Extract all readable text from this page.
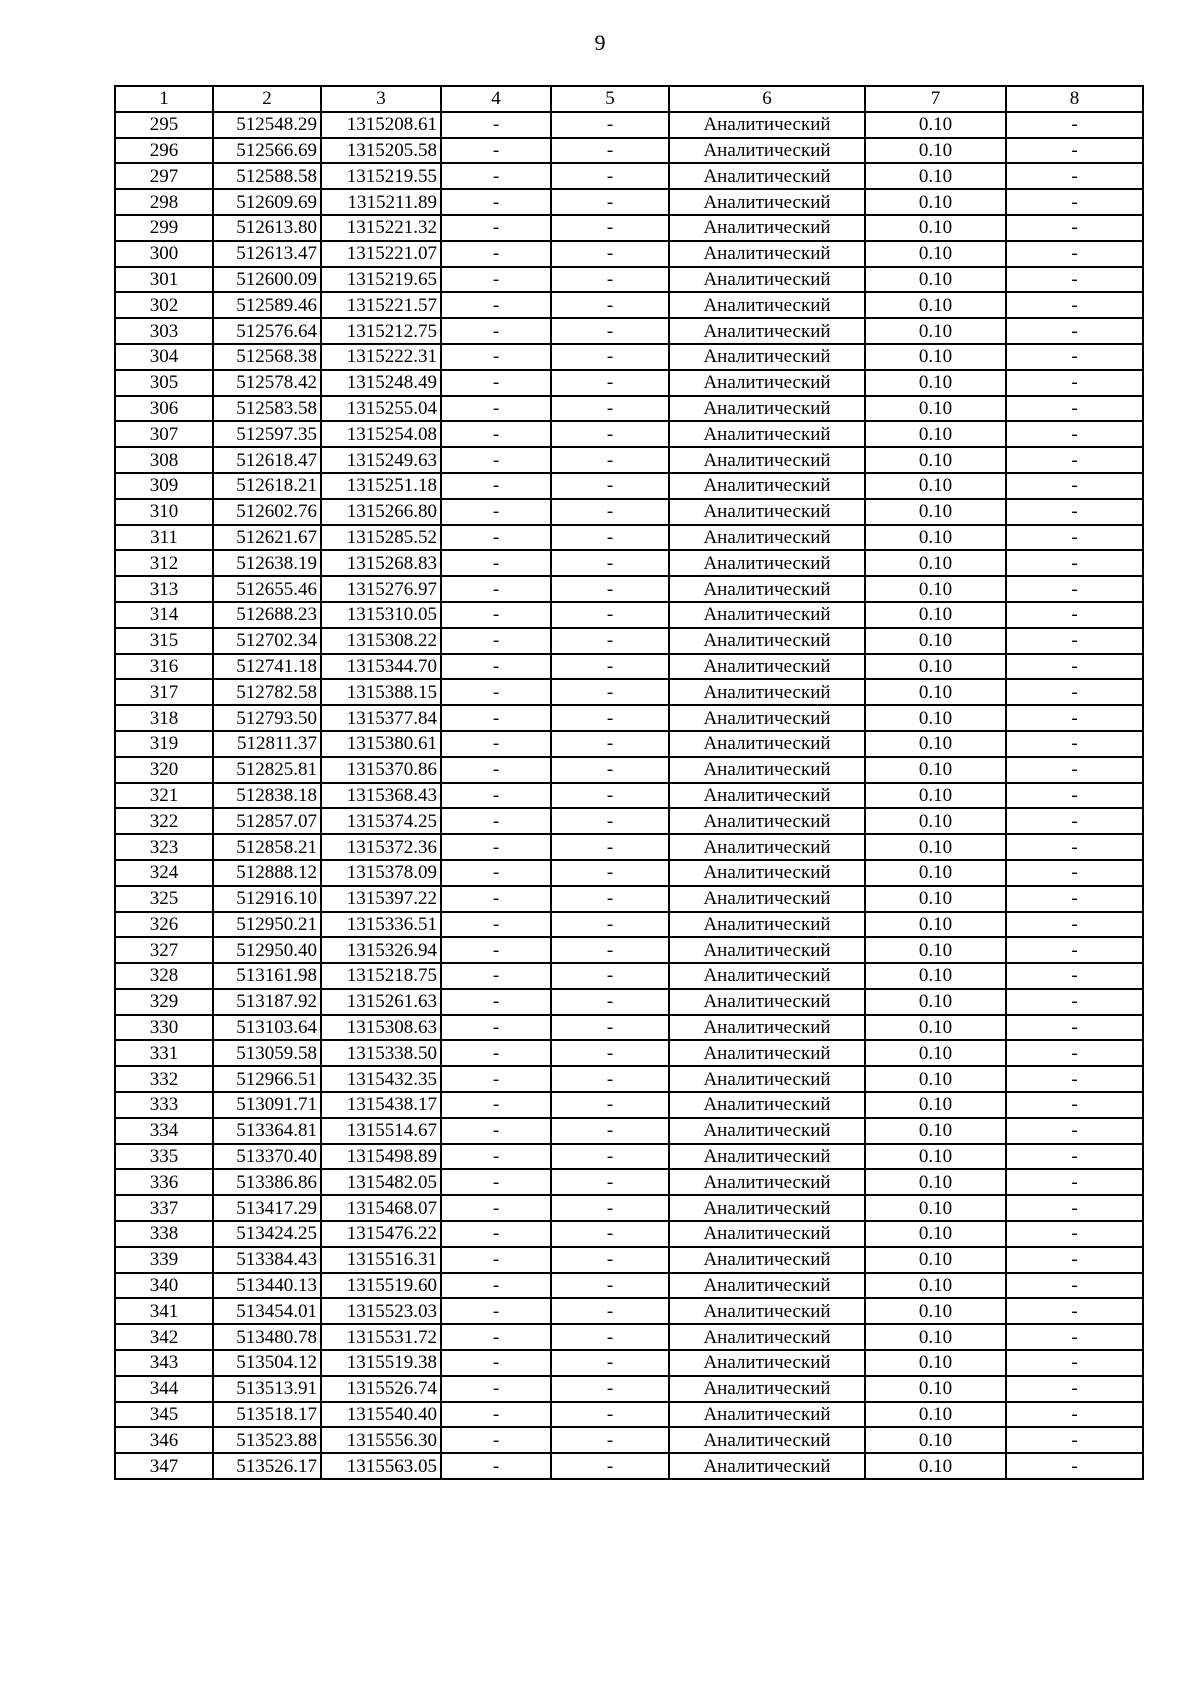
9
1	2	3	4	5	6	7	8
295	512548.29	1315208.61	-	-	Аналитический	0.10	-
296	512566.69	1315205.58	-	-	Аналитический	0.10	-
297	512588.58	1315219.55	-	-	Аналитический	0.10	-
298	512609.69	1315211.89	-	-	Аналитический	0.10	-
299	512613.80	1315221.32	-	-	Аналитический	0.10	-
300	512613.47	1315221.07	-	-	Аналитический	0.10	-
301	512600.09	1315219.65	-	-	Аналитический	0.10	-
302	512589.46	1315221.57	-	-	Аналитический	0.10	-
303	512576.64	1315212.75	-	-	Аналитический	0.10	-
304	512568.38	1315222.31	-	-	Аналитический	0.10	-
305	512578.42	1315248.49	-	-	Аналитический	0.10	-
306	512583.58	1315255.04	-	-	Аналитический	0.10	-
307	512597.35	1315254.08	-	-	Аналитический	0.10	-
308	512618.47	1315249.63	-	-	Аналитический	0.10	-
309	512618.21	1315251.18	-	-	Аналитический	0.10	-
310	512602.76	1315266.80	-	-	Аналитический	0.10	-
311	512621.67	1315285.52	-	-	Аналитический	0.10	-
312	512638.19	1315268.83	-	-	Аналитический	0.10	-
313	512655.46	1315276.97	-	-	Аналитический	0.10	-
314	512688.23	1315310.05	-	-	Аналитический	0.10	-
315	512702.34	1315308.22	-	-	Аналитический	0.10	-
316	512741.18	1315344.70	-	-	Аналитический	0.10	-
317	512782.58	1315388.15	-	-	Аналитический	0.10	-
318	512793.50	1315377.84	-	-	Аналитический	0.10	-
319	512811.37	1315380.61	-	-	Аналитический	0.10	-
320	512825.81	1315370.86	-	-	Аналитический	0.10	-
321	512838.18	1315368.43	-	-	Аналитический	0.10	-
322	512857.07	1315374.25	-	-	Аналитический	0.10	-
323	512858.21	1315372.36	-	-	Аналитический	0.10	-
324	512888.12	1315378.09	-	-	Аналитический	0.10	-
325	512916.10	1315397.22	-	-	Аналитический	0.10	-
326	512950.21	1315336.51	-	-	Аналитический	0.10	-
327	512950.40	1315326.94	-	-	Аналитический	0.10	-
328	513161.98	1315218.75	-	-	Аналитический	0.10	-
329	513187.92	1315261.63	-	-	Аналитический	0.10	-
330	513103.64	1315308.63	-	-	Аналитический	0.10	-
331	513059.58	1315338.50	-	-	Аналитический	0.10	-
332	512966.51	1315432.35	-	-	Аналитический	0.10	-
333	513091.71	1315438.17	-	-	Аналитический	0.10	-
334	513364.81	1315514.67	-	-	Аналитический	0.10	-
335	513370.40	1315498.89	-	-	Аналитический	0.10	-
336	513386.86	1315482.05	-	-	Аналитический	0.10	-
337	513417.29	1315468.07	-	-	Аналитический	0.10	-
338	513424.25	1315476.22	-	-	Аналитический	0.10	-
339	513384.43	1315516.31	-	-	Аналитический	0.10	-
340	513440.13	1315519.60	-	-	Аналитический	0.10	-
341	513454.01	1315523.03	-	-	Аналитический	0.10	-
342	513480.78	1315531.72	-	-	Аналитический	0.10	-
343	513504.12	1315519.38	-	-	Аналитический	0.10	-
344	513513.91	1315526.74	-	-	Аналитический	0.10	-
345	513518.17	1315540.40	-	-	Аналитический	0.10	-
346	513523.88	1315556.30	-	-	Аналитический	0.10	-
347	513526.17	1315563.05	-	-	Аналитический	0.10	-
